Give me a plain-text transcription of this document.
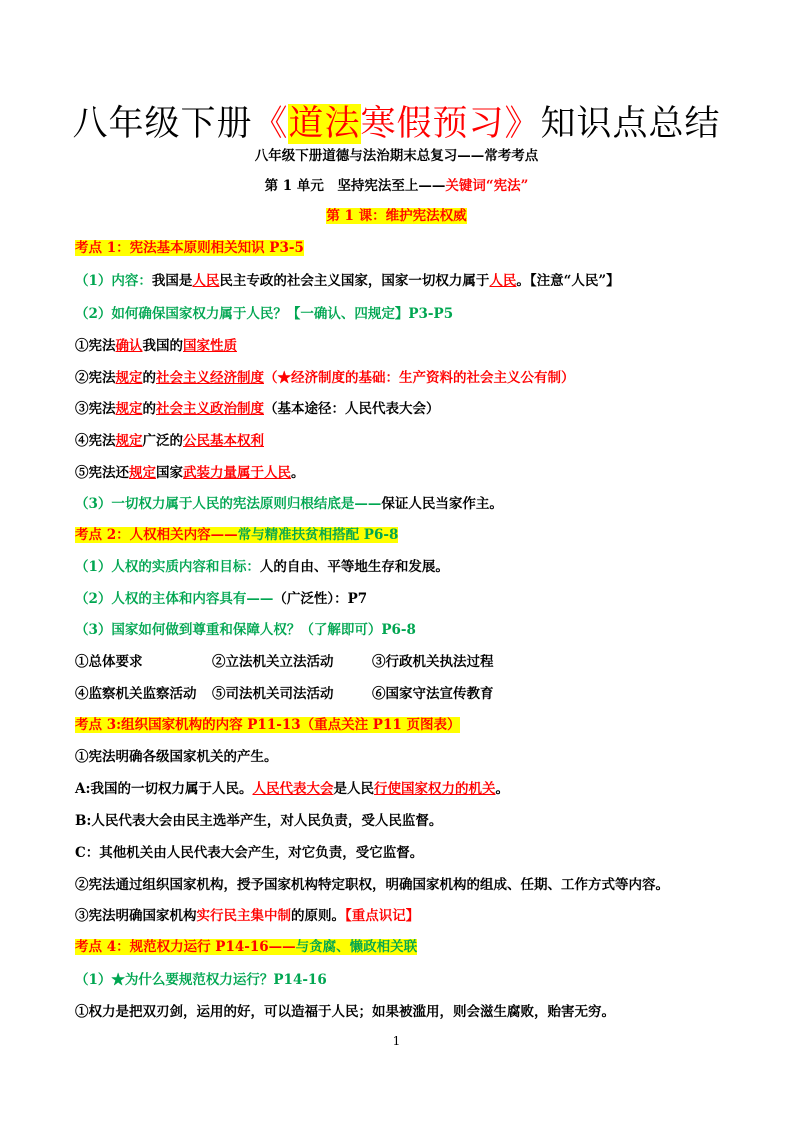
八年级下册《道法寒假预习》知识点总结
八年级下册道德与法治期末总复习——常考考点
第 1 单元　坚持宪法至上——关键词“宪法”
第 1 课：维护宪法权威
考点 1：宪法基本原则相关知识 P3-5
（1）内容：我国是人民民主专政的社会主义国家，国家一切权力属于人民。【注意“人民”】
（2）如何确保国家权力属于人民？【一确认、四规定】P3-P5
①宪法确认我国的国家性质
②宪法规定的社会主义经济制度（★经济制度的基础：生产资料的社会主义公有制）
③宪法规定的社会主义政治制度（基本途径：人民代表大会）
④宪法规定广泛的公民基本权利
⑤宪法还规定国家武装力量属于人民。
（3）一切权力属于人民的宪法原则归根结底是——保证人民当家作主。
考点 2：人权相关内容——常与精准扶贫相搭配 P6-8
（1）人权的实质内容和目标：人的自由、平等地生存和发展。
（2）人权的主体和内容具有——（广泛性）：P7
（3）国家如何做到尊重和保障人权？（了解即可）P6-8
①总体要求	②立法机关立法活动	③行政机关执法过程
④监察机关监察活动 ⑤司法机关司法活动	⑥国家守法宣传教育
考点 3:组织国家机构的内容 P11-13（重点关注 P11 页图表）
①宪法明确各级国家机关的产生。
A:我国的一切权力属于人民。人民代表大会是人民行使国家权力的机关。
B:人民代表大会由民主选举产生，对人民负责，受人民监督。
C：其他机关由人民代表大会产生，对它负责，受它监督。
②宪法通过组织国家机构，授予国家机构特定职权，明确国家机构的组成、任期、工作方式等内容。
③宪法明确国家机构实行民主集中制的原则。【重点识记】
考点 4：规范权力运行 P14-16——与贪腐、懒政相关联
（1）★为什么要规范权力运行？P14-16
①权力是把双刃剑，运用的好，可以造福于人民；如果被滥用，则会滋生腐败，贻害无穷。
1
